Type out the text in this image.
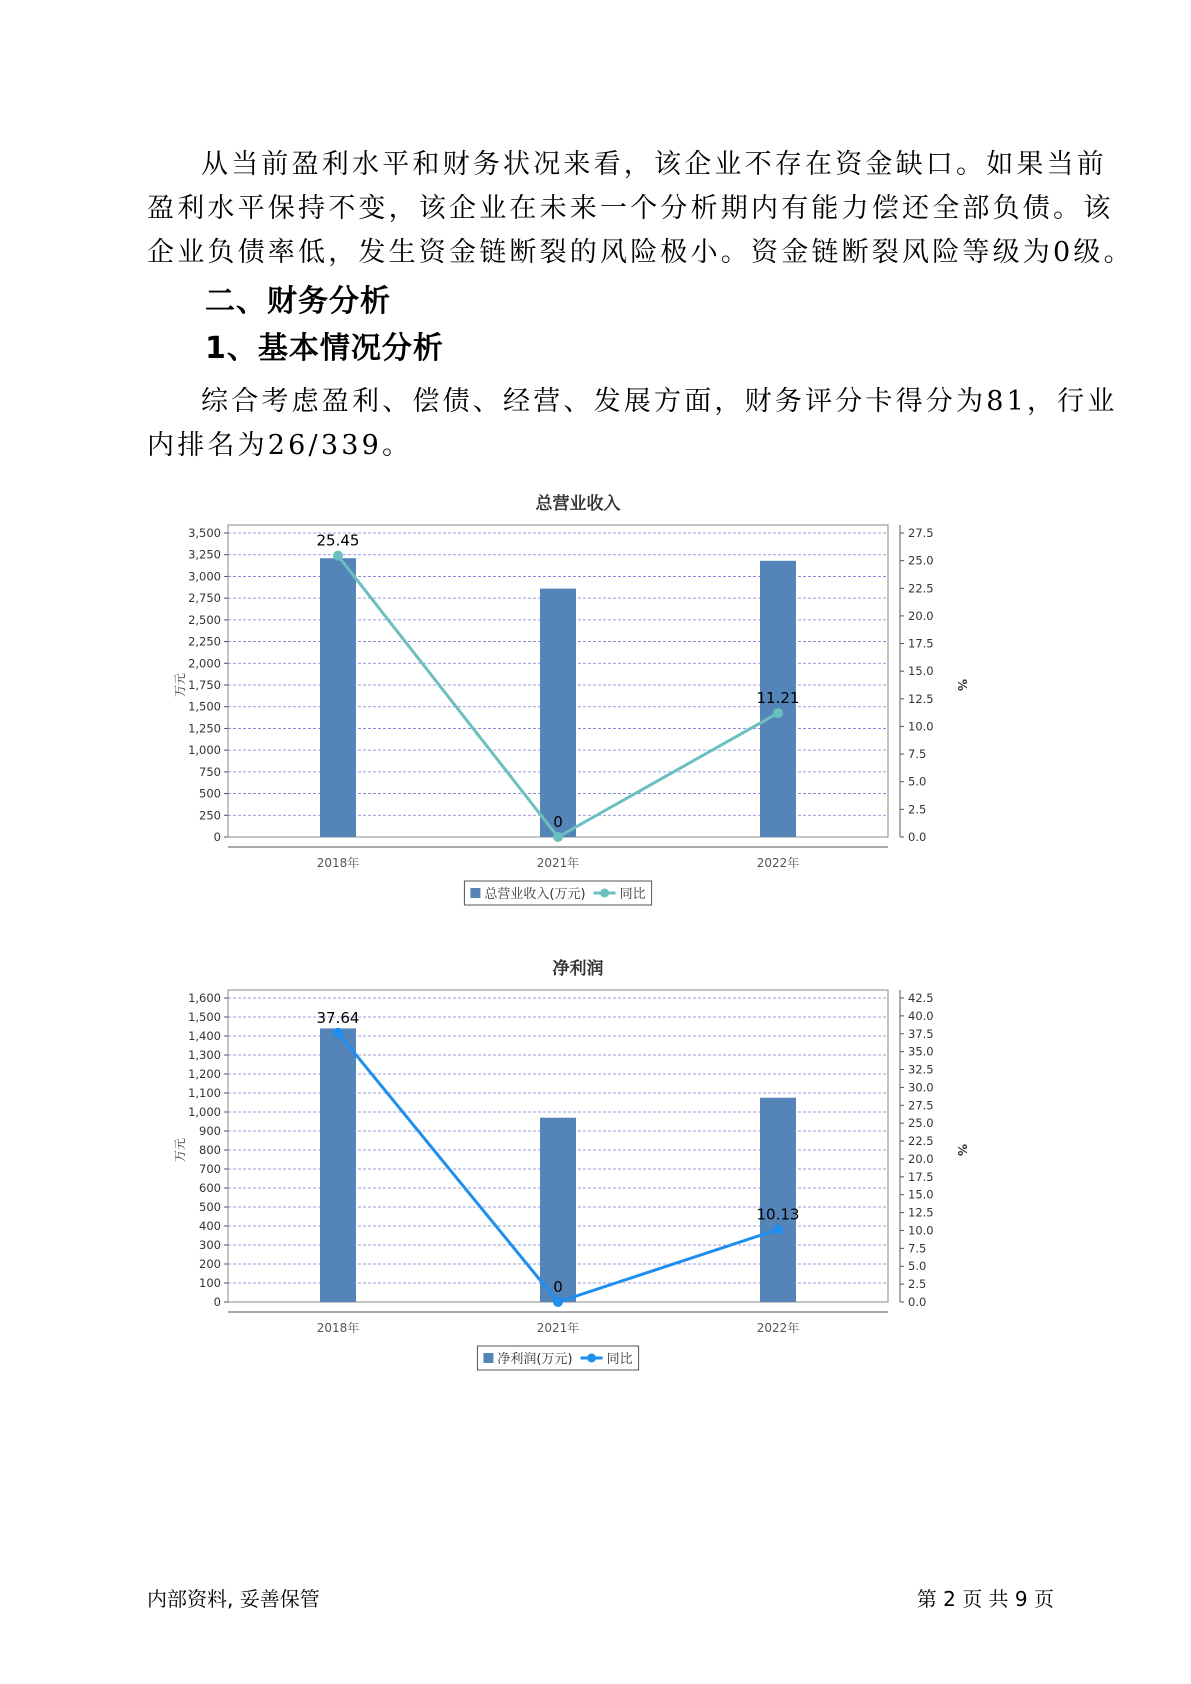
从当前盈利水平和财务状况来看，该企业不存在资金缺口。如果当前
盈利水平保持不变，该企业在未来一个分析期内有能力偿还全部负债。该
企业负债率低，发生资金链断裂的风险极小。资金链断裂风险等级为0级。
二、财务分析
1、基本情况分析
综合考虑盈利、偿债、经营、发展方面，财务评分卡得分为81，行业
内排名为26/339。
总营业收入
0
250
500
750
1,000
1,250
1,500
1,750
2,000
2,250
2,500
2,750
3,000
3,250
3,500
万元
0.0
2.5
5.0
7.5
10.0
12.5
15.0
17.5
20.0
22.5
25.0
27.5
%
2018年	2021年	2022年
25.45
0
11.21
总营业收入(万元)	同比
净利润
0
100
200
300
400
500
600
700
800
900
1,000
1,100
1,200
1,300
1,400
1,500
1,600
万元
0.0
2.5
5.0
7.5
10.0
12.5
15.0
17.5
20.0
22.5
25.0
27.5
30.0
32.5
35.0
37.5
40.0
42.5
%
2018年	2021年	2022年
37.64
0
10.13
净利润(万元)	同比
内部资料, 妥善保管	第 2 页 共 9 页
